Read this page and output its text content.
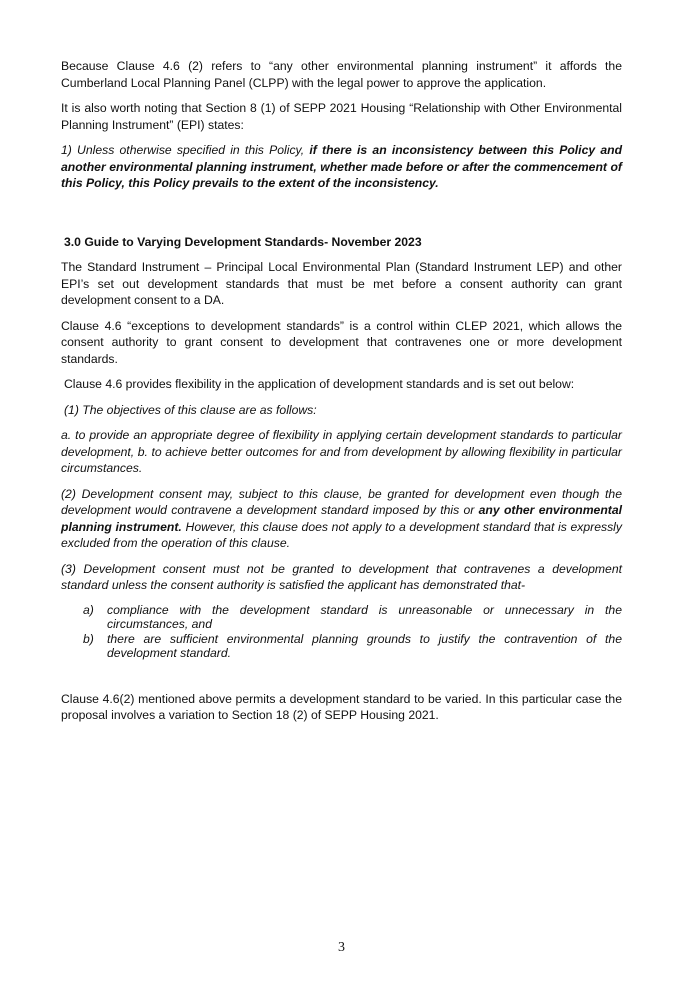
Because Clause 4.6 (2) refers to “any other environmental planning instrument” it affords the Cumberland Local Planning Panel (CLPP) with the legal power to approve the application.

It is also worth noting that Section 8 (1) of SEPP 2021 Housing “Relationship with Other Environmental Planning Instrument” (EPI) states:

1) Unless otherwise specified in this Policy, if there is an inconsistency between this Policy and another environmental planning instrument, whether made before or after the commencement of this Policy, this Policy prevails to the extent of the inconsistency.

3.0 Guide to Varying Development Standards- November 2023

The Standard Instrument – Principal Local Environmental Plan (Standard Instrument LEP) and other EPI’s set out development standards that must be met before a consent authority can grant development consent to a DA.

Clause 4.6 “exceptions to development standards” is a control within CLEP 2021, which allows the consent authority to grant consent to development that contravenes one or more development standards.

Clause 4.6 provides flexibility in the application of development standards and is set out below:

(1) The objectives of this clause are as follows:

a. to provide an appropriate degree of flexibility in applying certain development standards to particular development, b. to achieve better outcomes for and from development by allowing flexibility in particular circumstances.

(2) Development consent may, subject to this clause, be granted for development even though the development would contravene a development standard imposed by this or any other environmental planning instrument. However, this clause does not apply to a development standard that is expressly excluded from the operation of this clause.

(3) Development consent must not be granted to development that contravenes a development standard unless the consent authority is satisfied the applicant has demonstrated that-

a)	compliance with the development standard is unreasonable or unnecessary in the circumstances, and
b)	there are sufficient environmental planning grounds to justify the contravention of the development standard.

Clause 4.6(2) mentioned above permits a development standard to be varied. In this particular case the proposal involves a variation to Section 18 (2) of SEPP Housing 2021.

3
